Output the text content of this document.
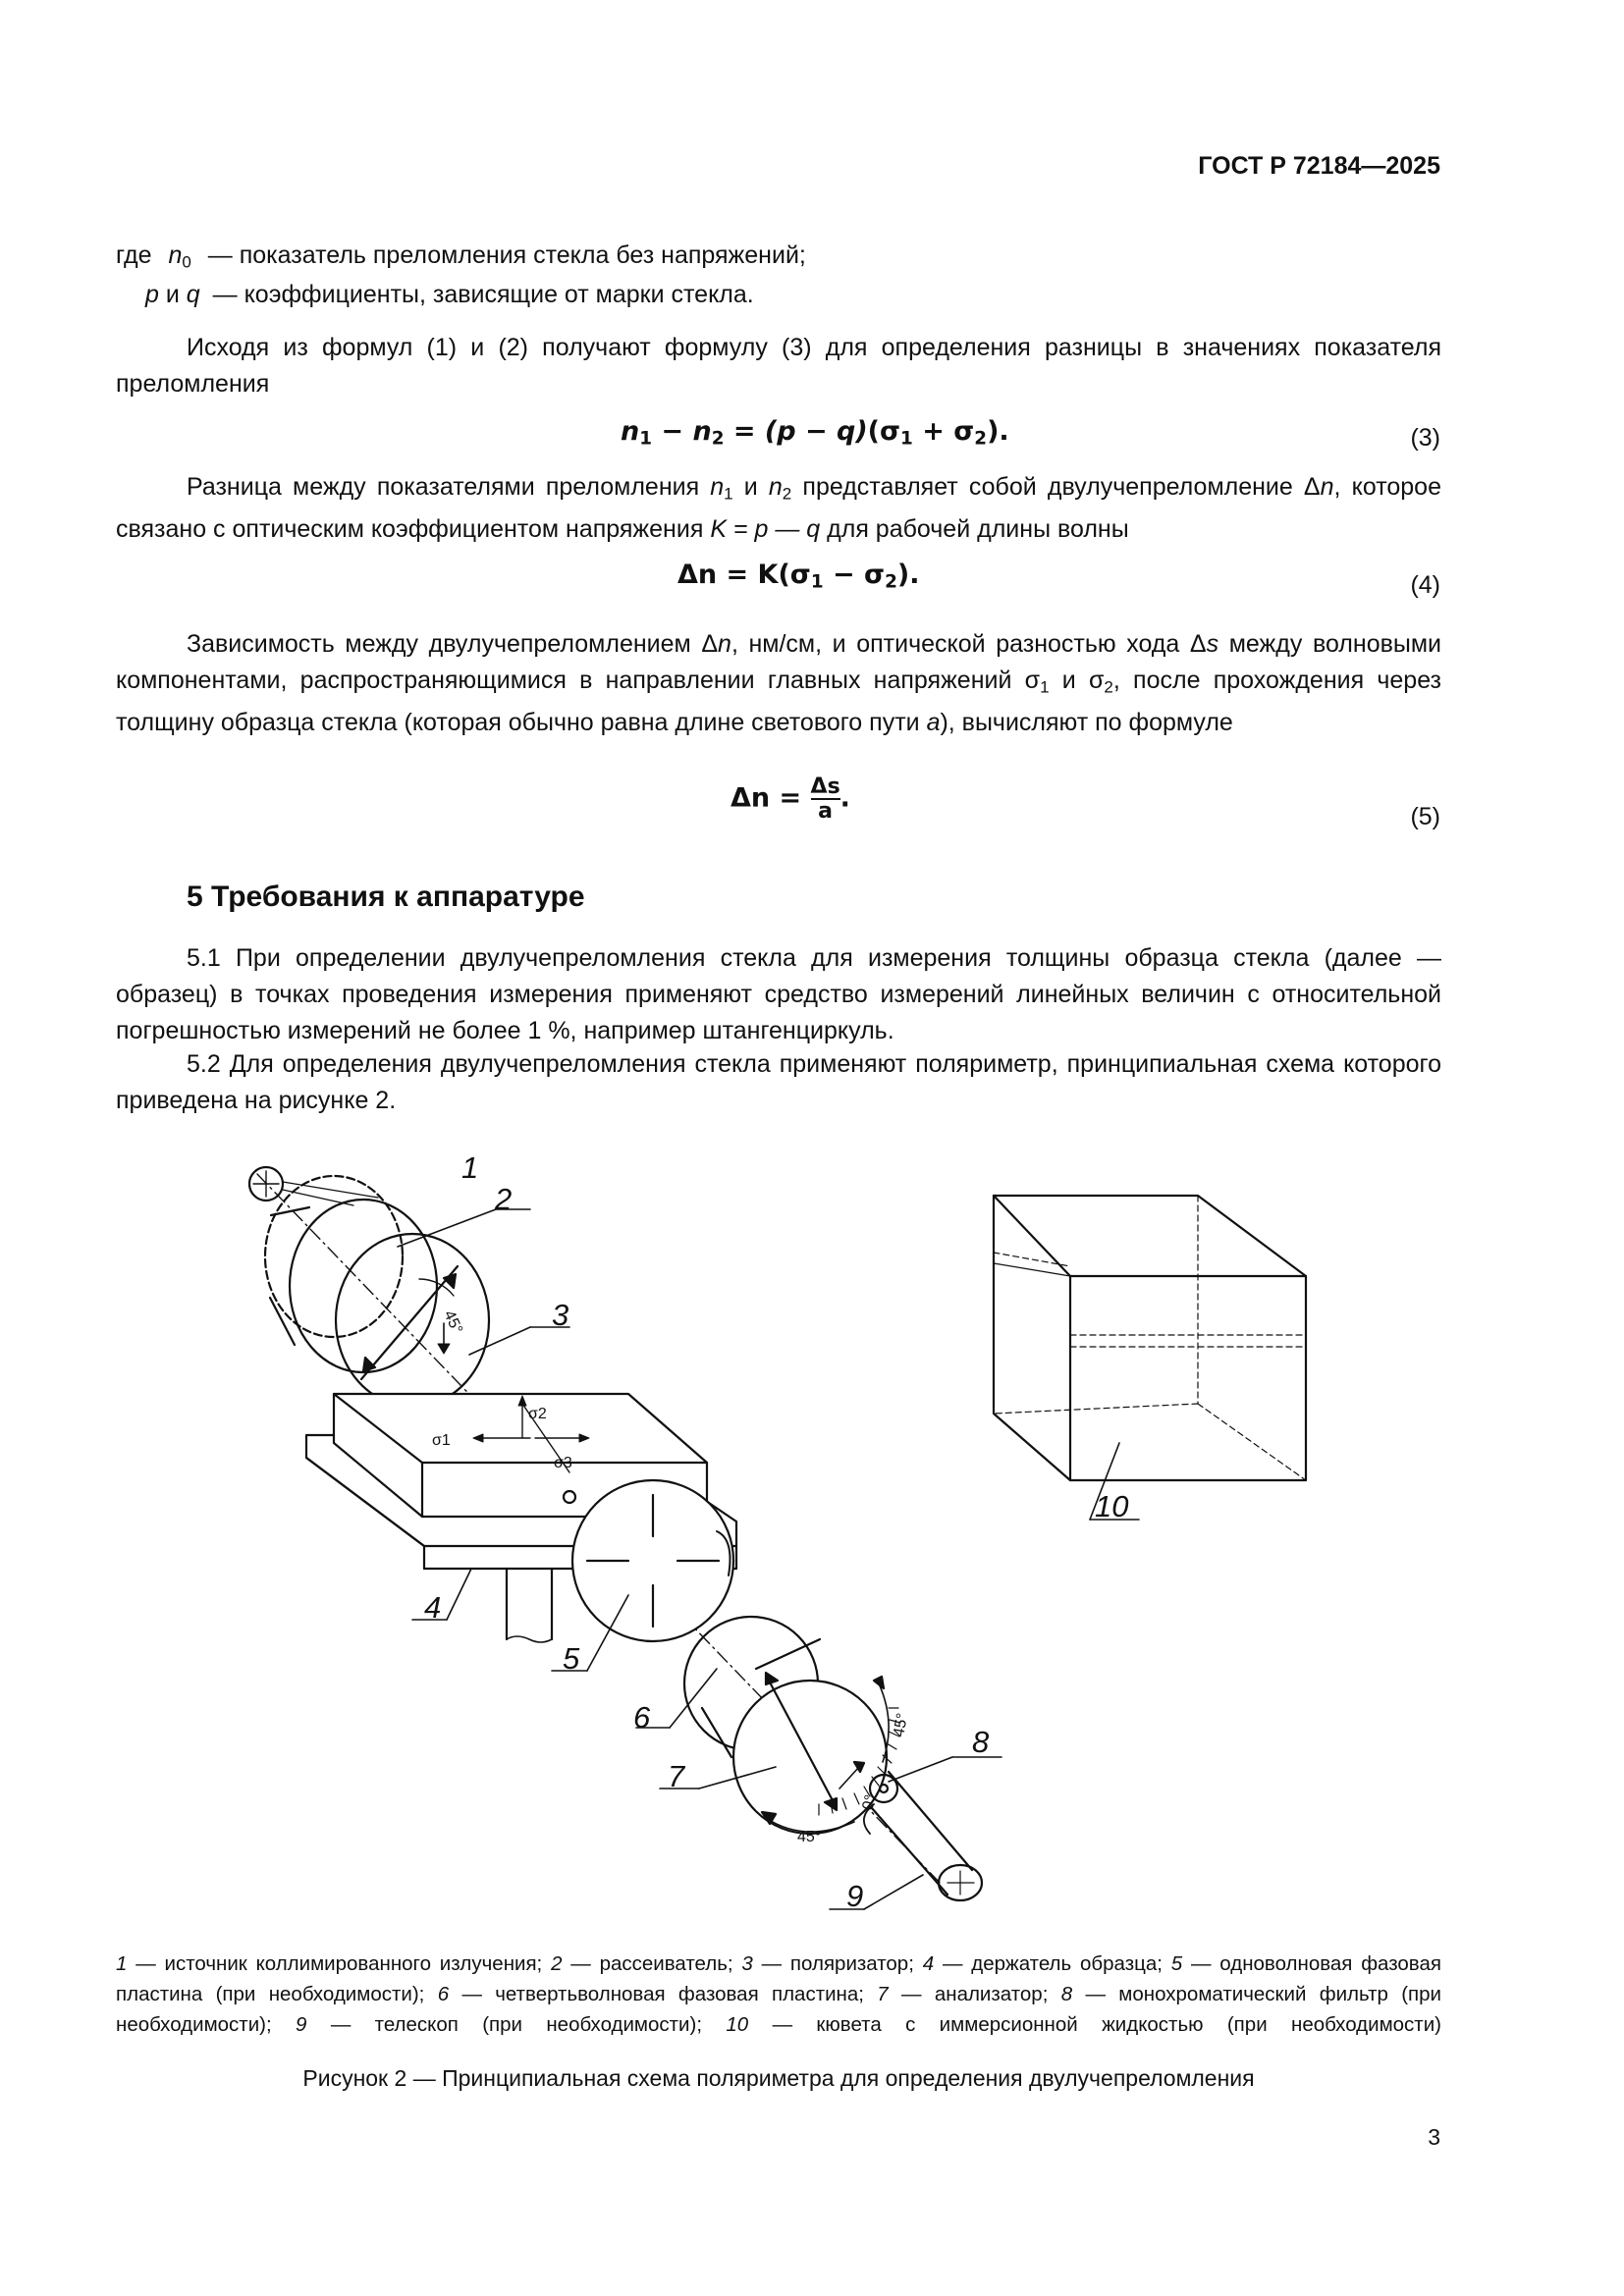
ГОСТ Р 72184—2025
где $n_0$ — показатель преломления стекла без напряжений;
p и q — коэффициенты, зависящие от марки стекла.
Исходя из формул (1) и (2) получают формулу (3) для определения разницы в значениях показателя преломления
$n_1 - n_2 = (p - q)(\sigma_1 + \sigma_2)$.	(3)
Разница между показателями преломления $n_1$ и $n_2$ представляет собой двулучепреломление Δn, которое связано с оптическим коэффициентом напряжения K = p — q для рабочей длины волны
$\Delta n = K(\sigma_1 - \sigma_2)$.	(4)
Зависимость между двулучепреломлением Δn, нм/см, и оптической разностью хода Δs между волновыми компонентами, распространяющимися в направлении главных напряжений $\sigma_1$ и $\sigma_2$, после прохождения через толщину образца стекла (которая обычно равна длине светового пути a), вычисляют по формуле
$\Delta n = \frac{\Delta s}{a}$ .
(5)
5 Требования к аппаратуре
5.1 При определении двулучепреломления стекла для измерения толщины образца стекла (далее — образец) в точках проведения измерения применяют средство измерений линейных величин с относительной погрешностью измерений не более 1 %, например штангенциркуль.
5.2 Для определения двулучепреломления стекла применяют поляриметр, принципиальная схема которого приведена на рисунке 2.
1
2
3
4
5
6
7
8
9
10
45°
45°
45°
0°
σ2
σ1
σ3
1 — источник коллимированного излучения; 2 — рассеиватель; 3 — поляризатор; 4 — держатель образца; 5 — одноволновая фазовая пластина (при необходимости); 6 — четвертьволновая фазовая пластина; 7 — анализатор; 8 — монохроматический фильтр (при необходимости); 9 — телескоп (при необходимости); 10 — кювета с иммерсионной жидкостью (при необходимости)
Рисунок 2 — Принципиальная схема поляриметра для определения двулучепреломления
3
